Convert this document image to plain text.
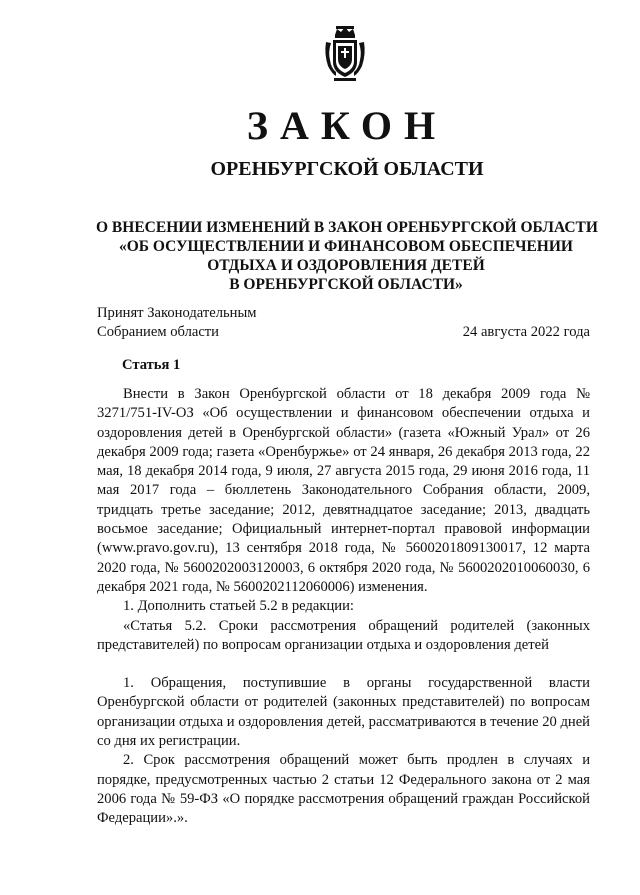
ЗАКОН
ОРЕНБУРГСКОЙ ОБЛАСТИ
О ВНЕСЕНИИ ИЗМЕНЕНИЙ В ЗАКОН ОРЕНБУРГСКОЙ ОБЛАСТИ
«ОБ ОСУЩЕСТВЛЕНИИ И ФИНАНСОВОМ ОБЕСПЕЧЕНИИ
ОТДЫХА И ОЗДОРОВЛЕНИЯ ДЕТЕЙ
В ОРЕНБУРГСКОЙ ОБЛАСТИ»
Принят Законодательным
Собранием области	24 августа 2022 года
Статья 1

Внести в Закон Оренбургской области от 18 декабря 2009 года № 3271/751-IV-ОЗ «Об осуществлении и финансовом обеспечении отдыха и оздоровления детей в Оренбургской области» (газета «Южный Урал» от 26 декабря 2009 года; газета «Оренбуржье» от 24 января, 26 декабря 2013 года, 22 мая, 18 декабря 2014 года, 9 июля, 27 августа 2015 года, 29 июня 2016 года, 11 мая 2017 года – бюллетень Законодательного Собрания области, 2009, тридцать третье заседание; 2012, девятнадцатое заседание; 2013, двадцать восьмое заседание; Официальный интернет-портал правовой информации (www.pravo.gov.ru), 13 сентября 2018 года, № 5600201809130017, 12 марта 2020 года, № 5600202003120003, 6 октября 2020 года, № 5600202010060030, 6 декабря 2021 года, № 5600202112060006) изменения.

1. Дополнить статьей 5.2 в редакции:

«Статья 5.2. Сроки рассмотрения обращений родителей (законных представителей) по вопросам организации отдыха и оздоровления детей

1. Обращения, поступившие в органы государственной власти Оренбургской области от родителей (законных представителей) по вопросам организации отдыха и оздоровления детей, рассматриваются в течение 20 дней со дня их регистрации.

2. Срок рассмотрения обращений может быть продлен в случаях и порядке, предусмотренных частью 2 статьи 12 Федерального закона от 2 мая 2006 года № 59-ФЗ «О порядке рассмотрения обращений граждан Российской Федерации».».
